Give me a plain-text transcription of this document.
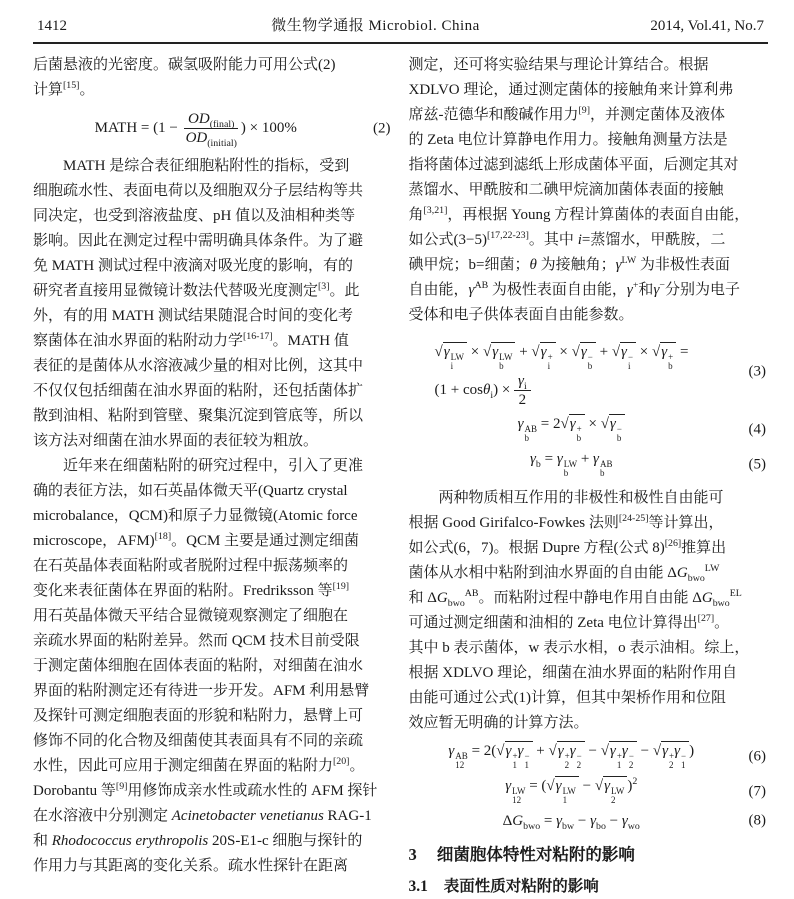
1412	微生物学通报 Microbiol. China	2014, Vol.41, No.7
后菌悬液的光密度。碳氢吸附能力可用公式(2)
计算[15]。
MATH = ($1 - \frac{OD_{(final)}}{OD_{(initial)}}$ ) × 100%	(2)
　　MATH 是综合表征细胞粘附性的指标，受到
细胞疏水性、表面电荷以及细胞双分子层结构等共
同决定，也受到溶液盐度、pH 值以及油相种类等
影响。因此在测定过程中需明确具体条件。为了避
免 MATH 测试过程中液滴对吸光度的影响，有的
研究者直接用显微镜计数法代替吸光度测定[3]。此
外，有的用 MATH 测试结果随混合时间的变化考
察菌体在油水界面的粘附动力学[16-17]。MATH 值
表征的是菌体从水溶液减少量的相对比例，这其中
不仅仅包括细菌在油水界面的粘附，还包括菌体扩
散到油相、粘附到管壁、聚集沉淀到管底等，所以
该方法对细菌在油水界面的表征较为粗放。
　　近年来在细菌粘附的研究过程中，引入了更准
确的表征方法，如石英晶体微天平(Quartz crystal
microbalance，QCM)和原子力显微镜(Atomic force
microscope，AFM)[18]。QCM 主要是通过测定细菌
在石英晶体表面粘附或者脱附过程中振荡频率的
变化来表征菌体在界面的粘附。Fredriksson 等[19]
用石英晶体微天平结合显微镜观察测定了细胞在
亲疏水界面的粘附差异。然而 QCM 技术目前受限
于测定菌体细胞在固体表面的粘附，对细菌在油水
界面的粘附测定还有待进一步开发。AFM 利用悬臂
及探针可测定细胞表面的形貌和粘附力，悬臂上可
修饰不同的化合物及细菌使其表面具有不同的亲疏
水性，因此可应用于测定细菌在界面的粘附力[20]。
Dorobantu 等[9]用修饰成亲水性或疏水性的 AFM 探针
在水溶液中分别测定 Acinetobacter venetianus RAG-1
和 Rhodococcus erythropolis 20S-E1-c 细胞与探针的
作用力与其距离的变化关系。疏水性探针在距离
测定，还可将实验结果与理论计算结合。根据
XDLVO 理论，通过测定菌体的接触角来计算利弗
席兹-范德华和酸碱作用力[9]，并测定菌体及液体
的 Zeta 电位计算静电作用力。接触角测量方法是
指将菌体过滤到滤纸上形成菌体平面，后测定其对
蒸馏水、甲酰胺和二碘甲烷滴加菌体表面的接触
角[3,21]，再根据 Young 方程计算菌体的表面自由能，
如公式(3−5)[17,22-23]。其中 i=蒸馏水，甲酰胺，二
碘甲烷；b=细菌；θ 为接触角；$\gamma^{LW}$ 为非极性表面
自由能，$\gamma^{AB}$ 为极性表面自由能，γ+和γ−分别为电子
受体和电子供体表面自由能参数。
√γ LW
i
× √γ LW
b
+ √γ +
i
× √γ −
b
+ √γ −
i
× √γ +
b
=
$(1 + \cos\theta_i) \times \frac{\gamma_i}{2}$
(3)
γ AB
b
= 2√γ +
b
× √γ −
b
(4)
$\gamma_b = \gamma$ LW
b
+ γ AB
b
(5)
　　两种物质相互作用的非极性和极性自由能可
根据 Good Girifalco-Fowkes 法则[24-25]等计算出，
如公式(6，7)。根据 Dupre 方程(公式 8)[26]推算出
菌体从水相中粘附到油水界面的自由能 $\Delta G_{bwo}^{LW}$
和 $\Delta G_{bwo}^{AB}$。而粘附过程中静电作用自由能 $\Delta G_{bwo}^{EL}$
可通过测定细菌和油相的 Zeta 电位计算得出[27]。
其中 b 表示菌体，w 表示水相，o 表示油相。综上，
根据 XDLVO 理论，细菌在油水界面的粘附作用自
由能可通过公式(1)计算，但其中架桥作用和位阻
效应暂无明确的计算方法。
γ AB
12
= 2(√γ +
1
γ −
1
+ √γ +
2
γ −
2
− √γ +
1
γ −
2
− √γ +
2
γ −
1
)	(6)
γ LW
12
= (√γ LW
1
− √γ LW
2
)$^2$
(7)
$\Delta G_{bwo} = \gamma_{bw} - \gamma_{bo} - \gamma_{wo}$	(8)
3 细菌胞体特性对粘附的影响
3.1 表面性质对粘附的影响
